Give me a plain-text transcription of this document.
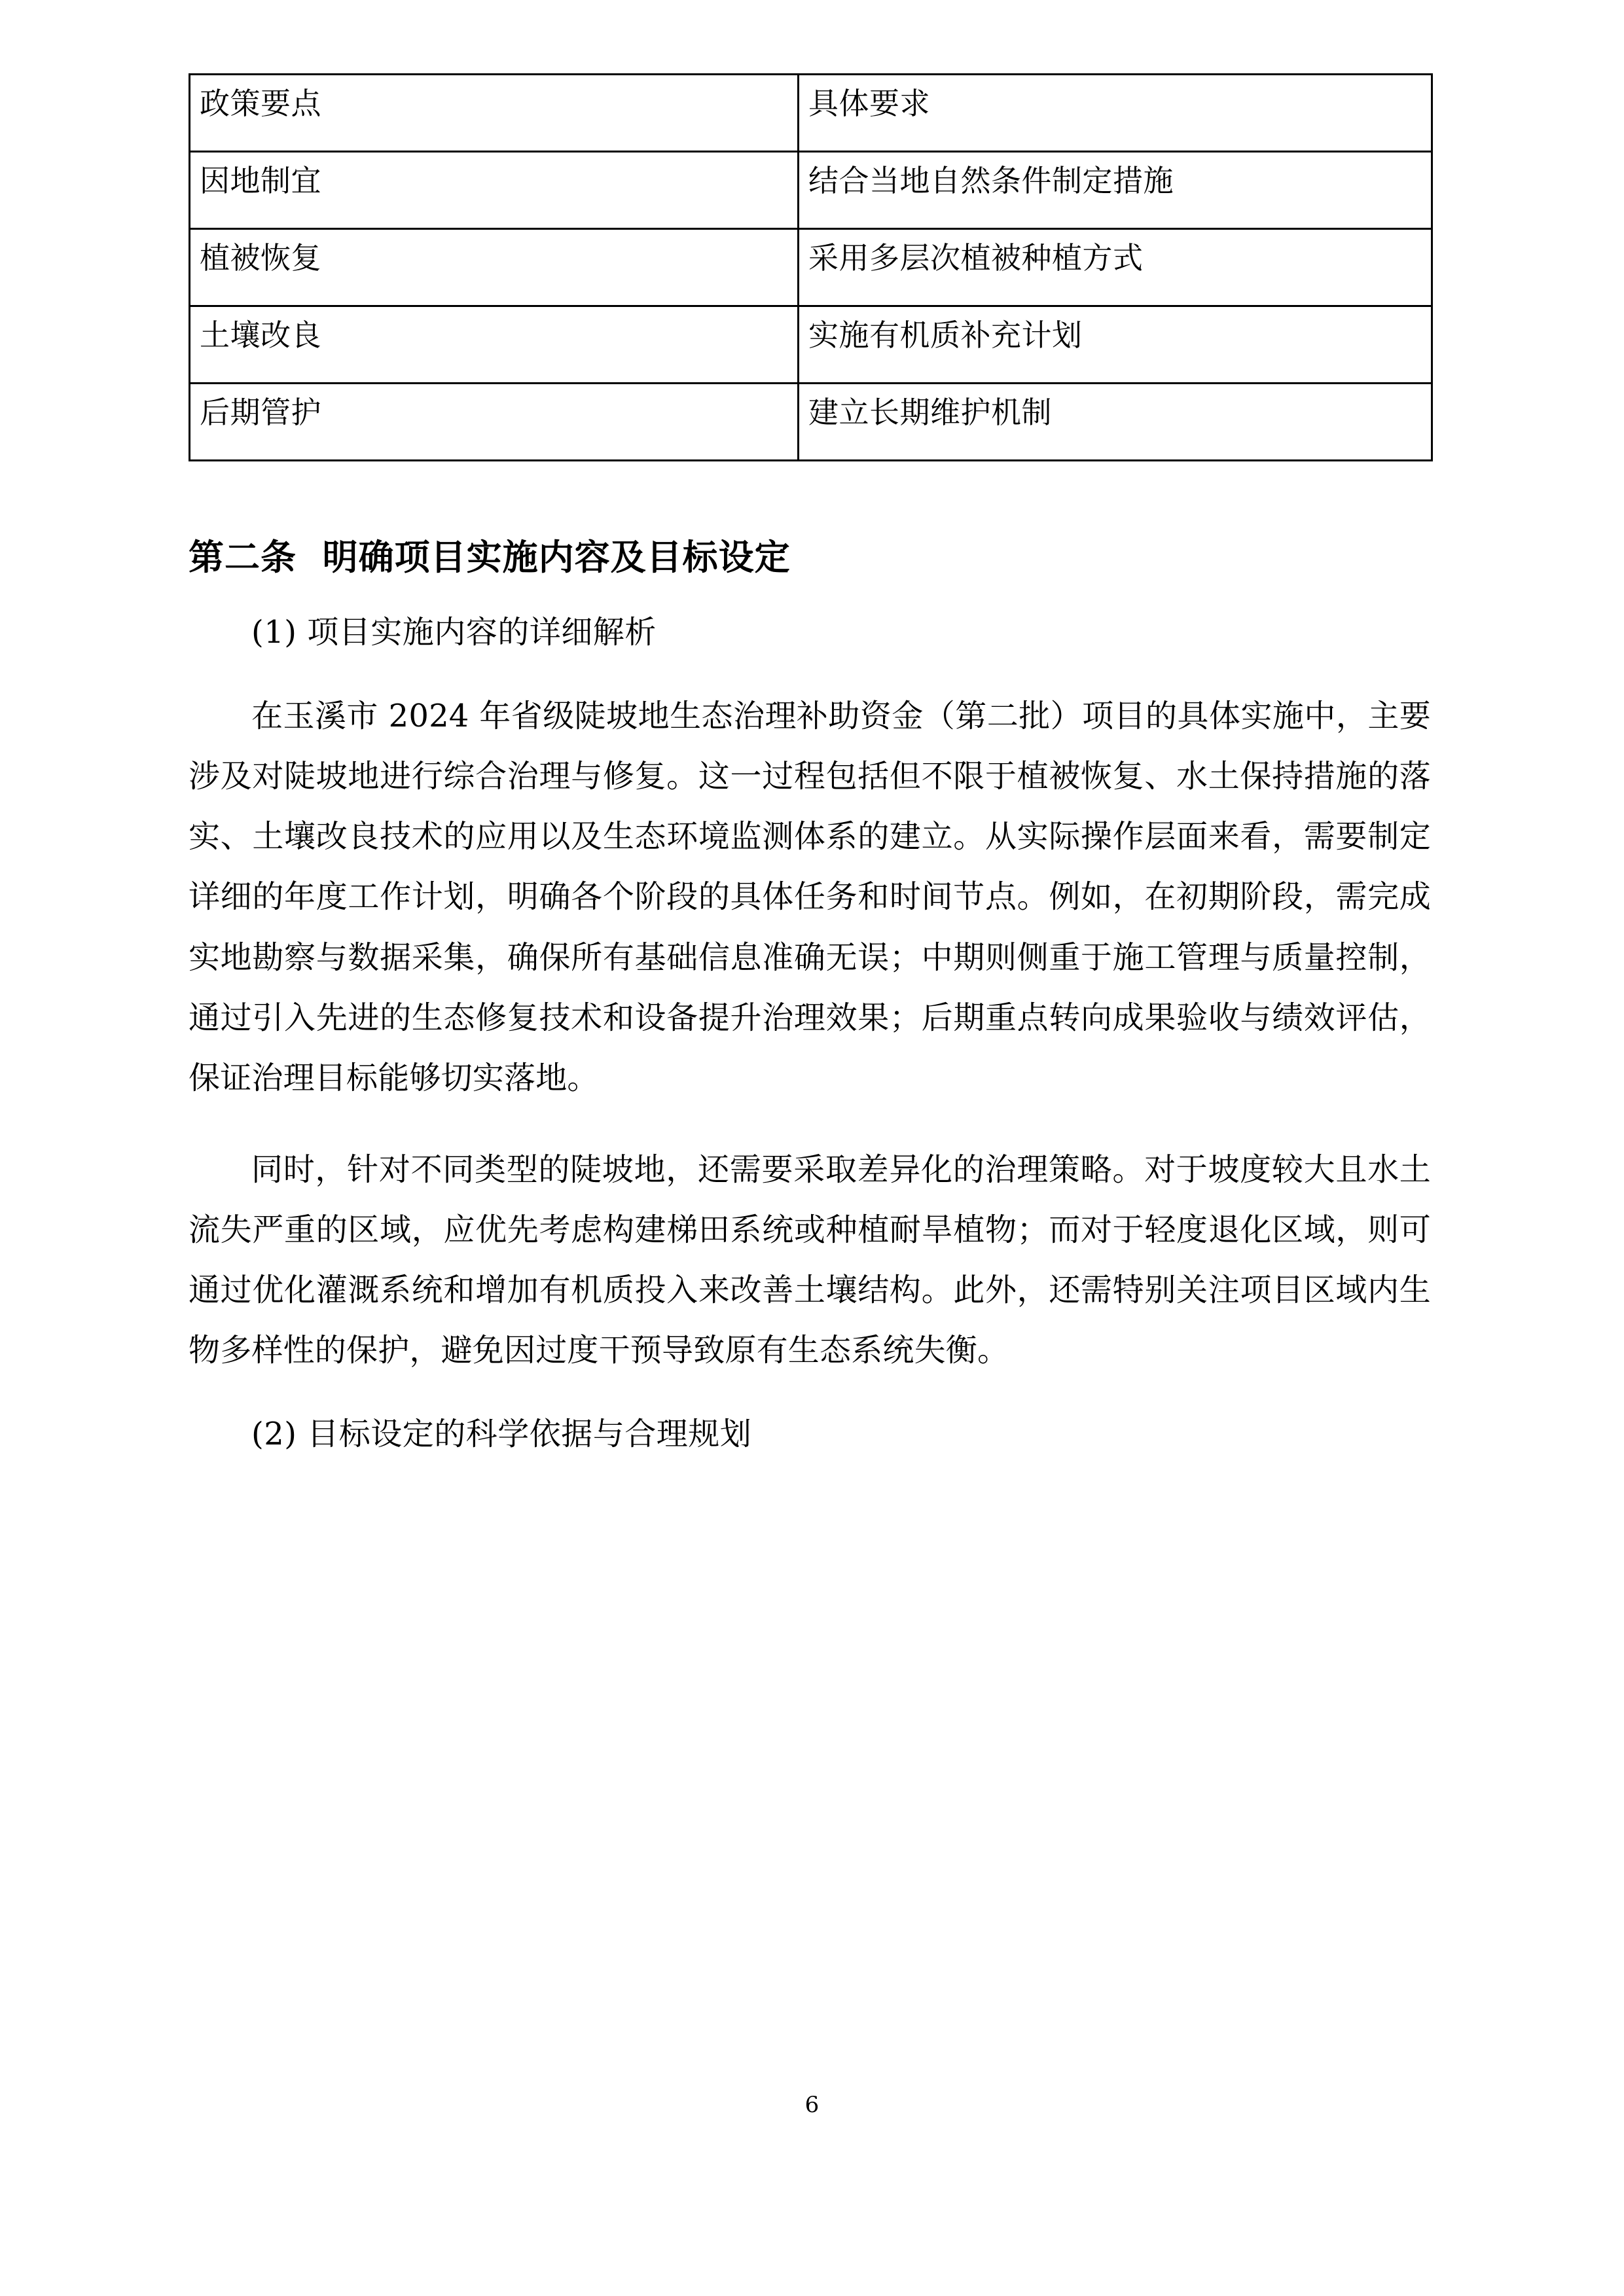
政策要点	具体要求
因地制宜	结合当地自然条件制定措施
植被恢复	采用多层次植被种植方式
土壤改良	实施有机质补充计划
后期管护	建立长期维护机制
第二条  明确项目实施内容及目标设定

(1) 项目实施内容的详细解析

在玉溪市 2024 年省级陡坡地生态治理补助资金（第二批）项目的具体实施中，主要涉及对陡坡地进行综合治理与修复。这一过程包括但不限于植被恢复、水土保持措施的落实、土壤改良技术的应用以及生态环境监测体系的建立。从实际操作层面来看，需要制定详细的年度工作计划，明确各个阶段的具体任务和时间节点。例如，在初期阶段，需完成实地勘察与数据采集，确保所有基础信息准确无误；中期则侧重于施工管理与质量控制，通过引入先进的生态修复技术和设备提升治理效果；后期重点转向成果验收与绩效评估，保证治理目标能够切实落地。

同时，针对不同类型的陡坡地，还需要采取差异化的治理策略。对于坡度较大且水土流失严重的区域，应优先考虑构建梯田系统或种植耐旱植物；而对于轻度退化区域，则可通过优化灌溉系统和增加有机质投入来改善土壤结构。此外，还需特别关注项目区域内生物多样性的保护，避免因过度干预导致原有生态系统失衡。

(2) 目标设定的科学依据与合理规划

6
